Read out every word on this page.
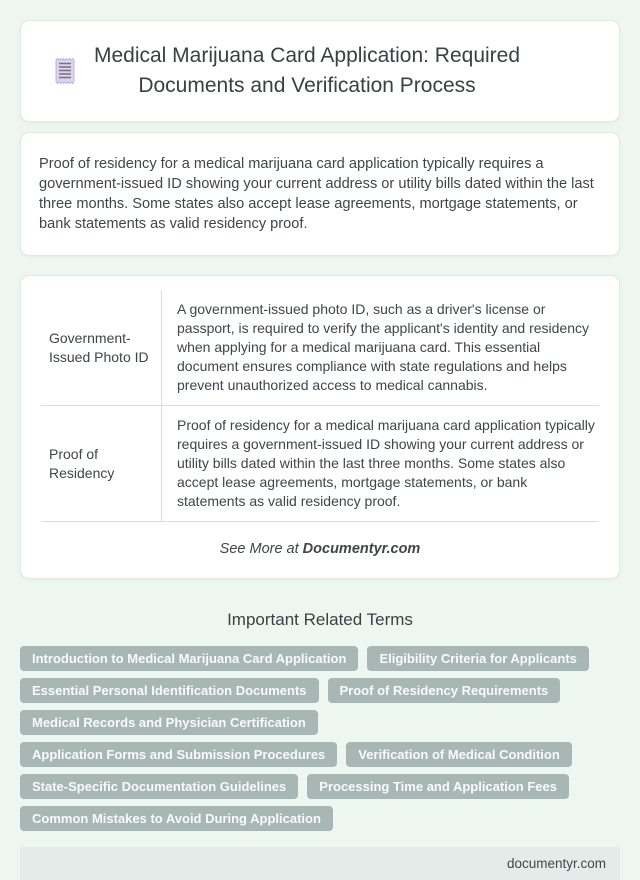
Medical Marijuana Card Application: Required Documents and Verification Process
Proof of residency for a medical marijuana card application typically requires a government-issued ID showing your current address or utility bills dated within the last three months. Some states also accept lease agreements, mortgage statements, or bank statements as valid residency proof.
Government-Issued Photo ID	A government-issued photo ID, such as a driver's license or passport, is required to verify the applicant's identity and residency when applying for a medical marijuana card. This essential document ensures compliance with state regulations and helps prevent unauthorized access to medical cannabis.
Proof of Residency	Proof of residency for a medical marijuana card application typically requires a government-issued ID showing your current address or utility bills dated within the last three months. Some states also accept lease agreements, mortgage statements, or bank statements as valid residency proof.
See More at Documentyr.com
Important Related Terms
Introduction to Medical Marijuana Card Application	Eligibility Criteria for Applicants
Essential Personal Identification Documents	Proof of Residency Requirements
Medical Records and Physician Certification
Application Forms and Submission Procedures	Verification of Medical Condition
State-Specific Documentation Guidelines	Processing Time and Application Fees
Common Mistakes to Avoid During Application
documentyr.com
